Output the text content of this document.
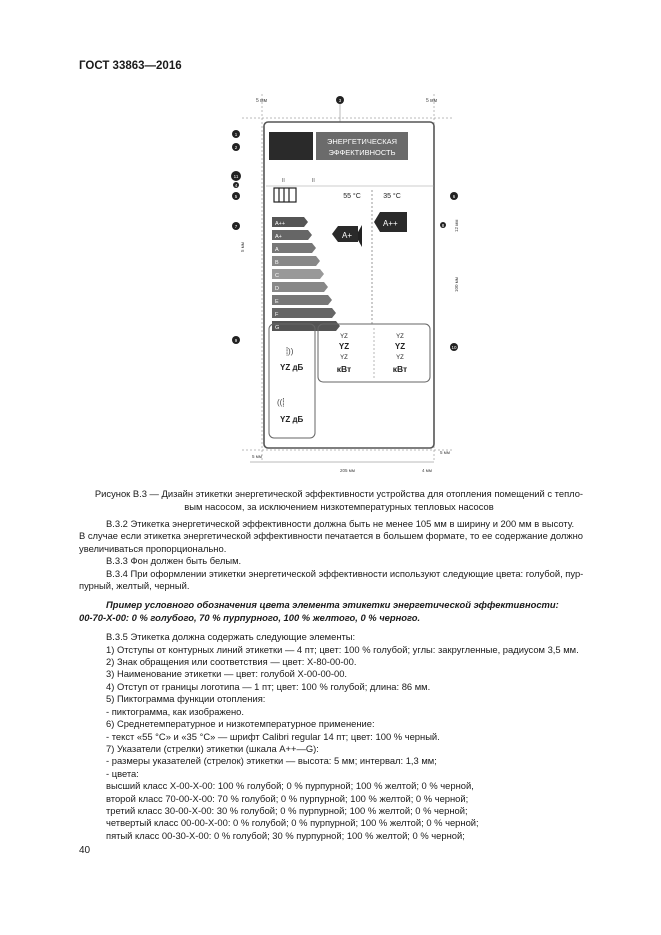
ГОСТ 33863—2016
5 мм	5 мм
ЭНЕРГЕТИЧЕСКАЯ
ЭФФЕКТИВНОСТЬ
II	II
55 °C	35 °C
A++
A+
A
B
C
D
E
F
G
A+
A++
⸽))
YZ дБ
((⸽
YZ дБ
YZ
YZ
YZ
кВт
YZ
YZ
YZ
кВт
3
1
2
11
4
5
7
9
6
8
10
5 мм
12 мм
100 мм
5 мм
205 мм	4 мм
5 мм
Рисунок В.3 — Дизайн этикетки энергетической эффективности устройства для отопления помещений с тепло-
вым насосом, за исключением низкотемпературных тепловых насосов

В.3.2 Этикетка энергетической эффективности должна быть не менее 105 мм в ширину и 200 мм в высоту.

В случае если этикетка энергетической эффективности печатается в большем формате, то ее содержание должно

увеличиваться пропорционально.

В.3.3 Фон должен быть белым.

В.3.4 При оформлении этикетки энергетической эффективности используют следующие цвета: голубой, пур-

пурный, желтый, черный.

Пример условного обозначения цвета элемента этикетки энергетической эффективности:

00-70-Х-00: 0 % голубого, 70 % пурпурного, 100 % желтого, 0 % черного.

В.3.5 Этикетка должна содержать следующие элементы:

1) Отступы от контурных линий этикетки — 4 пт; цвет: 100 % голубой; углы: закругленные, радиусом 3,5 мм.

2) Знак обращения или соответствия — цвет: Х-80-00-00.

3) Наименование этикетки — цвет: голубой Х-00-00-00.

4) Отступ от границы логотипа — 1 пт; цвет: 100 % голубой; длина: 86 мм.

5) Пиктограмма функции отопления:

- пиктограмма, как изображено.

6) Среднетемпературное и низкотемпературное применение:

- текст «55 °С» и «35 °С» — шрифт Calibri regular 14 пт; цвет: 100 % черный.

7) Указатели (стрелки) этикетки (шкала А++—G):

- размеры указателей (стрелок) этикетки — высота: 5 мм; интервал: 1,3 мм;

- цвета:

высший класс Х-00-Х-00: 100 % голубой; 0 % пурпурной; 100 % желтой; 0 % черной,

второй класс 70-00-Х-00: 70 % голубой; 0 % пурпурной; 100 % желтой; 0 % черной;

третий класс 30-00-Х-00: 30 % голубой; 0 % пурпурной; 100 % желтой; 0 % черной;

четвертый класс 00-00-Х-00: 0 % голубой; 0 % пурпурной; 100 % желтой; 0 % черной;

пятый класс 00-30-Х-00: 0 % голубой; 30 % пурпурной; 100 % желтой; 0 % черной;

40
